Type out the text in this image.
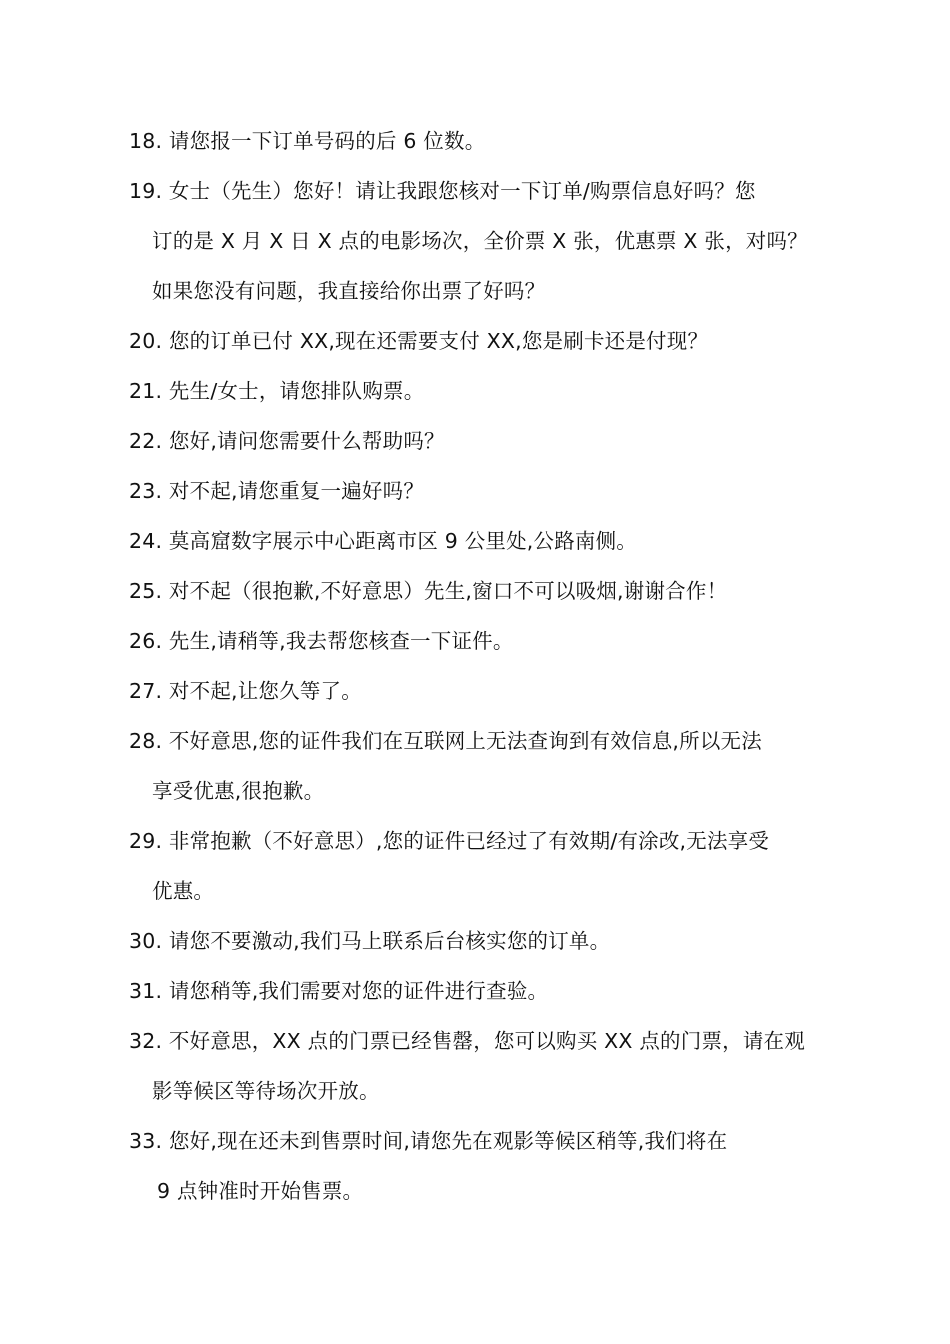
18. 请您报一下订单号码的后 6 位数。
19. 女士（先生）您好！请让我跟您核对一下订单/购票信息好吗？您
订的是 X 月 X 日 X 点的电影场次，全价票 X 张，优惠票 X 张，对吗？
如果您没有问题，我直接给你出票了好吗？
20. 您的订单已付 XX,现在还需要支付 XX,您是刷卡还是付现？
21. 先生/女士，请您排队购票。
22. 您好,请问您需要什么帮助吗？
23. 对不起,请您重复一遍好吗？
24. 莫高窟数字展示中心距离市区 9 公里处,公路南侧。
25. 对不起（很抱歉,不好意思）先生,窗口不可以吸烟,谢谢合作！
26. 先生,请稍等,我去帮您核查一下证件。
27. 对不起,让您久等了。
28. 不好意思,您的证件我们在互联网上无法查询到有效信息,所以无法
享受优惠,很抱歉。
29. 非常抱歉（不好意思）,您的证件已经过了有效期/有涂改,无法享受
优惠。
30. 请您不要激动,我们马上联系后台核实您的订单。
31. 请您稍等,我们需要对您的证件进行查验。
32. 不好意思，XX 点的门票已经售罄，您可以购买 XX 点的门票，请在观
影等候区等待场次开放。
33. 您好,现在还未到售票时间,请您先在观影等候区稍等,我们将在
9 点钟准时开始售票。
